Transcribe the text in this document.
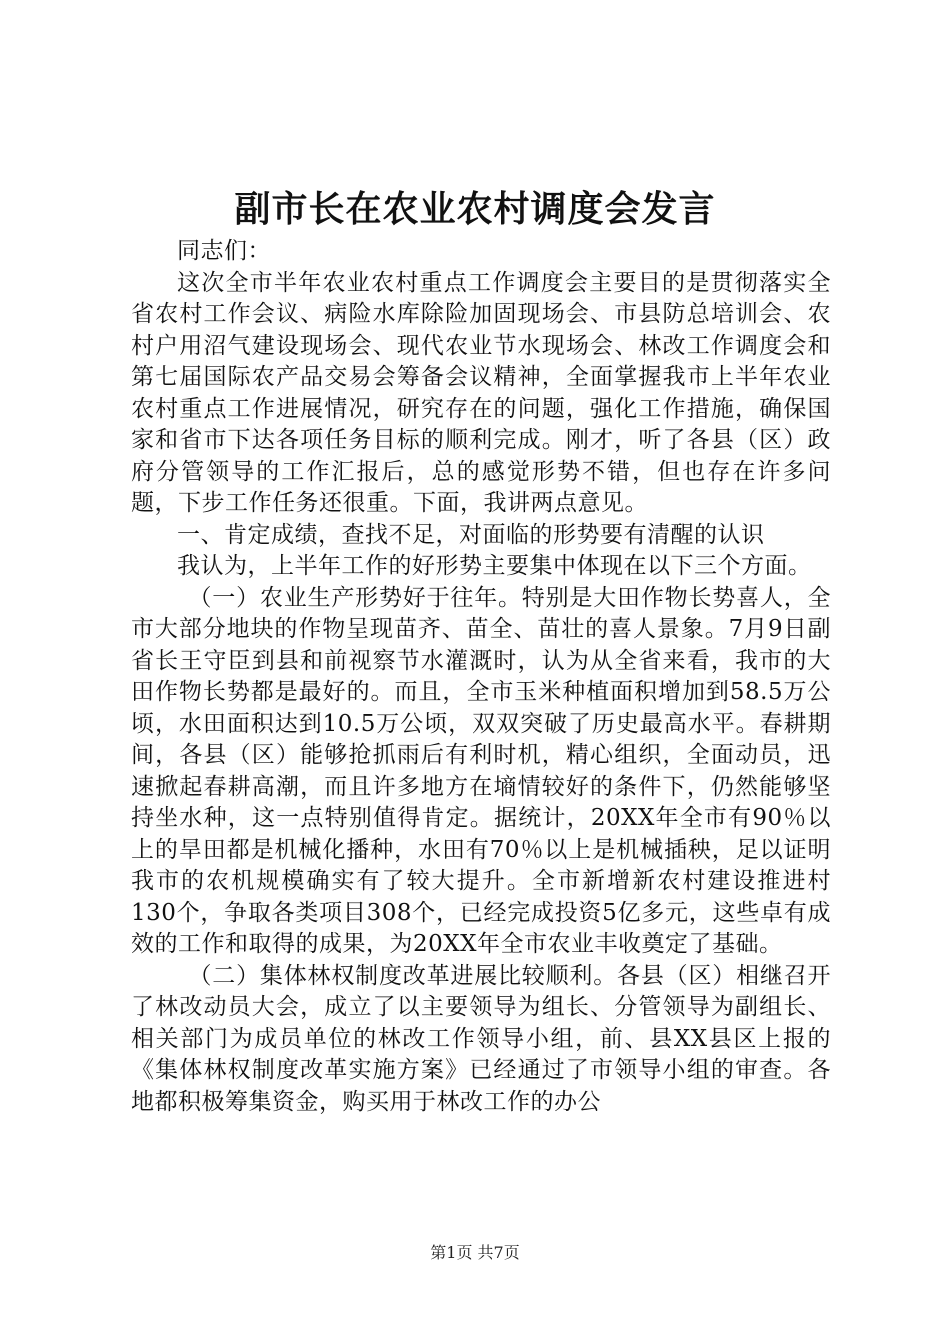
副市长在农业农村调度会发言

同志们：

这次全市半年农业农村重点工作调度会主要目的是贯彻落实全省农村工作会议、病险水库除险加固现场会、市县防总培训会、农村户用沼气建设现场会、现代农业节水现场会、林改工作调度会和第七届国际农产品交易会筹备会议精神，全面掌握我市上半年农业农村重点工作进展情况，研究存在的问题，强化工作措施，确保国家和省市下达各项任务目标的顺利完成。刚才，听了各县（区）政府分管领导的工作汇报后，总的感觉形势不错，但也存在许多问题，下步工作任务还很重。下面，我讲两点意见。

一、肯定成绩，查找不足，对面临的形势要有清醒的认识

我认为，上半年工作的好形势主要集中体现在以下三个方面。

（一）农业生产形势好于往年。特别是大田作物长势喜人，全市大部分地块的作物呈现苗齐、苗全、苗壮的喜人景象。7月9日副省长王守臣到县和前视察节水灌溉时，认为从全省来看，我市的大田作物长势都是最好的。而且，全市玉米种植面积增加到58.5万公顷，水田面积达到10.5万公顷，双双突破了历史最高水平。春耕期间，各县（区）能够抢抓雨后有利时机，精心组织，全面动员，迅速掀起春耕高潮，而且许多地方在墒情较好的条件下，仍然能够坚持坐水种，这一点特别值得肯定。据统计，20XX年全市有90％以上的旱田都是机械化播种，水田有70％以上是机械插秧，足以证明我市的农机规模确实有了较大提升。全市新增新农村建设推进村130个，争取各类项目308个，已经完成投资5亿多元，这些卓有成效的工作和取得的成果，为20XX年全市农业丰收奠定了基础。

（二）集体林权制度改革进展比较顺利。各县（区）相继召开了林改动员大会，成立了以主要领导为组长、分管领导为副组长、相关部门为成员单位的林改工作领导小组，前、县XX县区上报的《集体林权制度改革实施方案》已经通过了市领导小组的审查。各地都积极筹集资金，购买用于林改工作的办公

第1页 共7页
